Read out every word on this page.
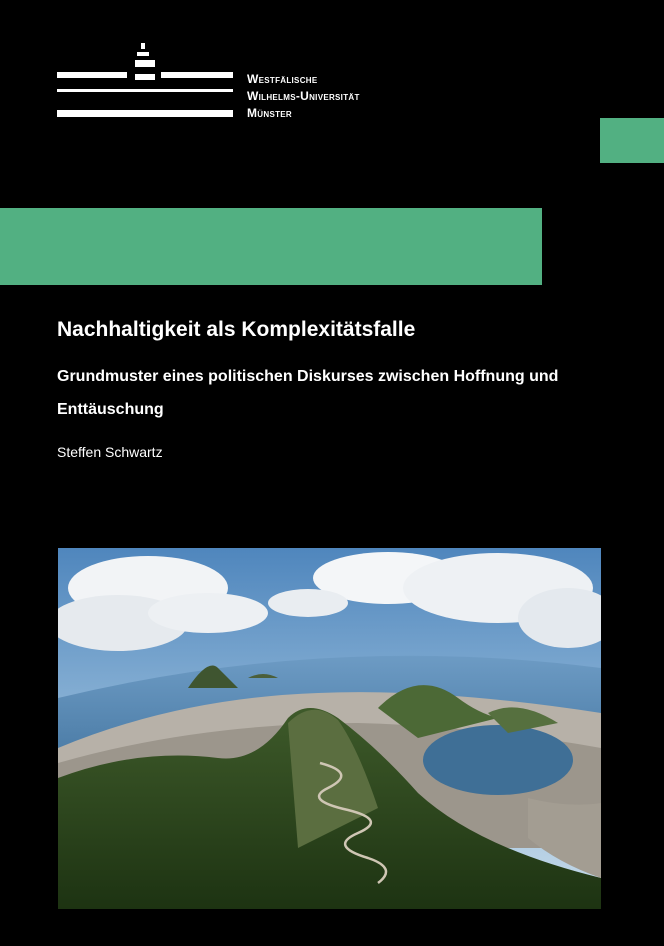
Westfälische
Wilhelms-Universität
Münster
Nachhaltigkeit als Komplexitätsfalle
Grundmuster eines politischen Diskurses zwischen Hoffnung und Enttäuschung
Steffen Schwartz
